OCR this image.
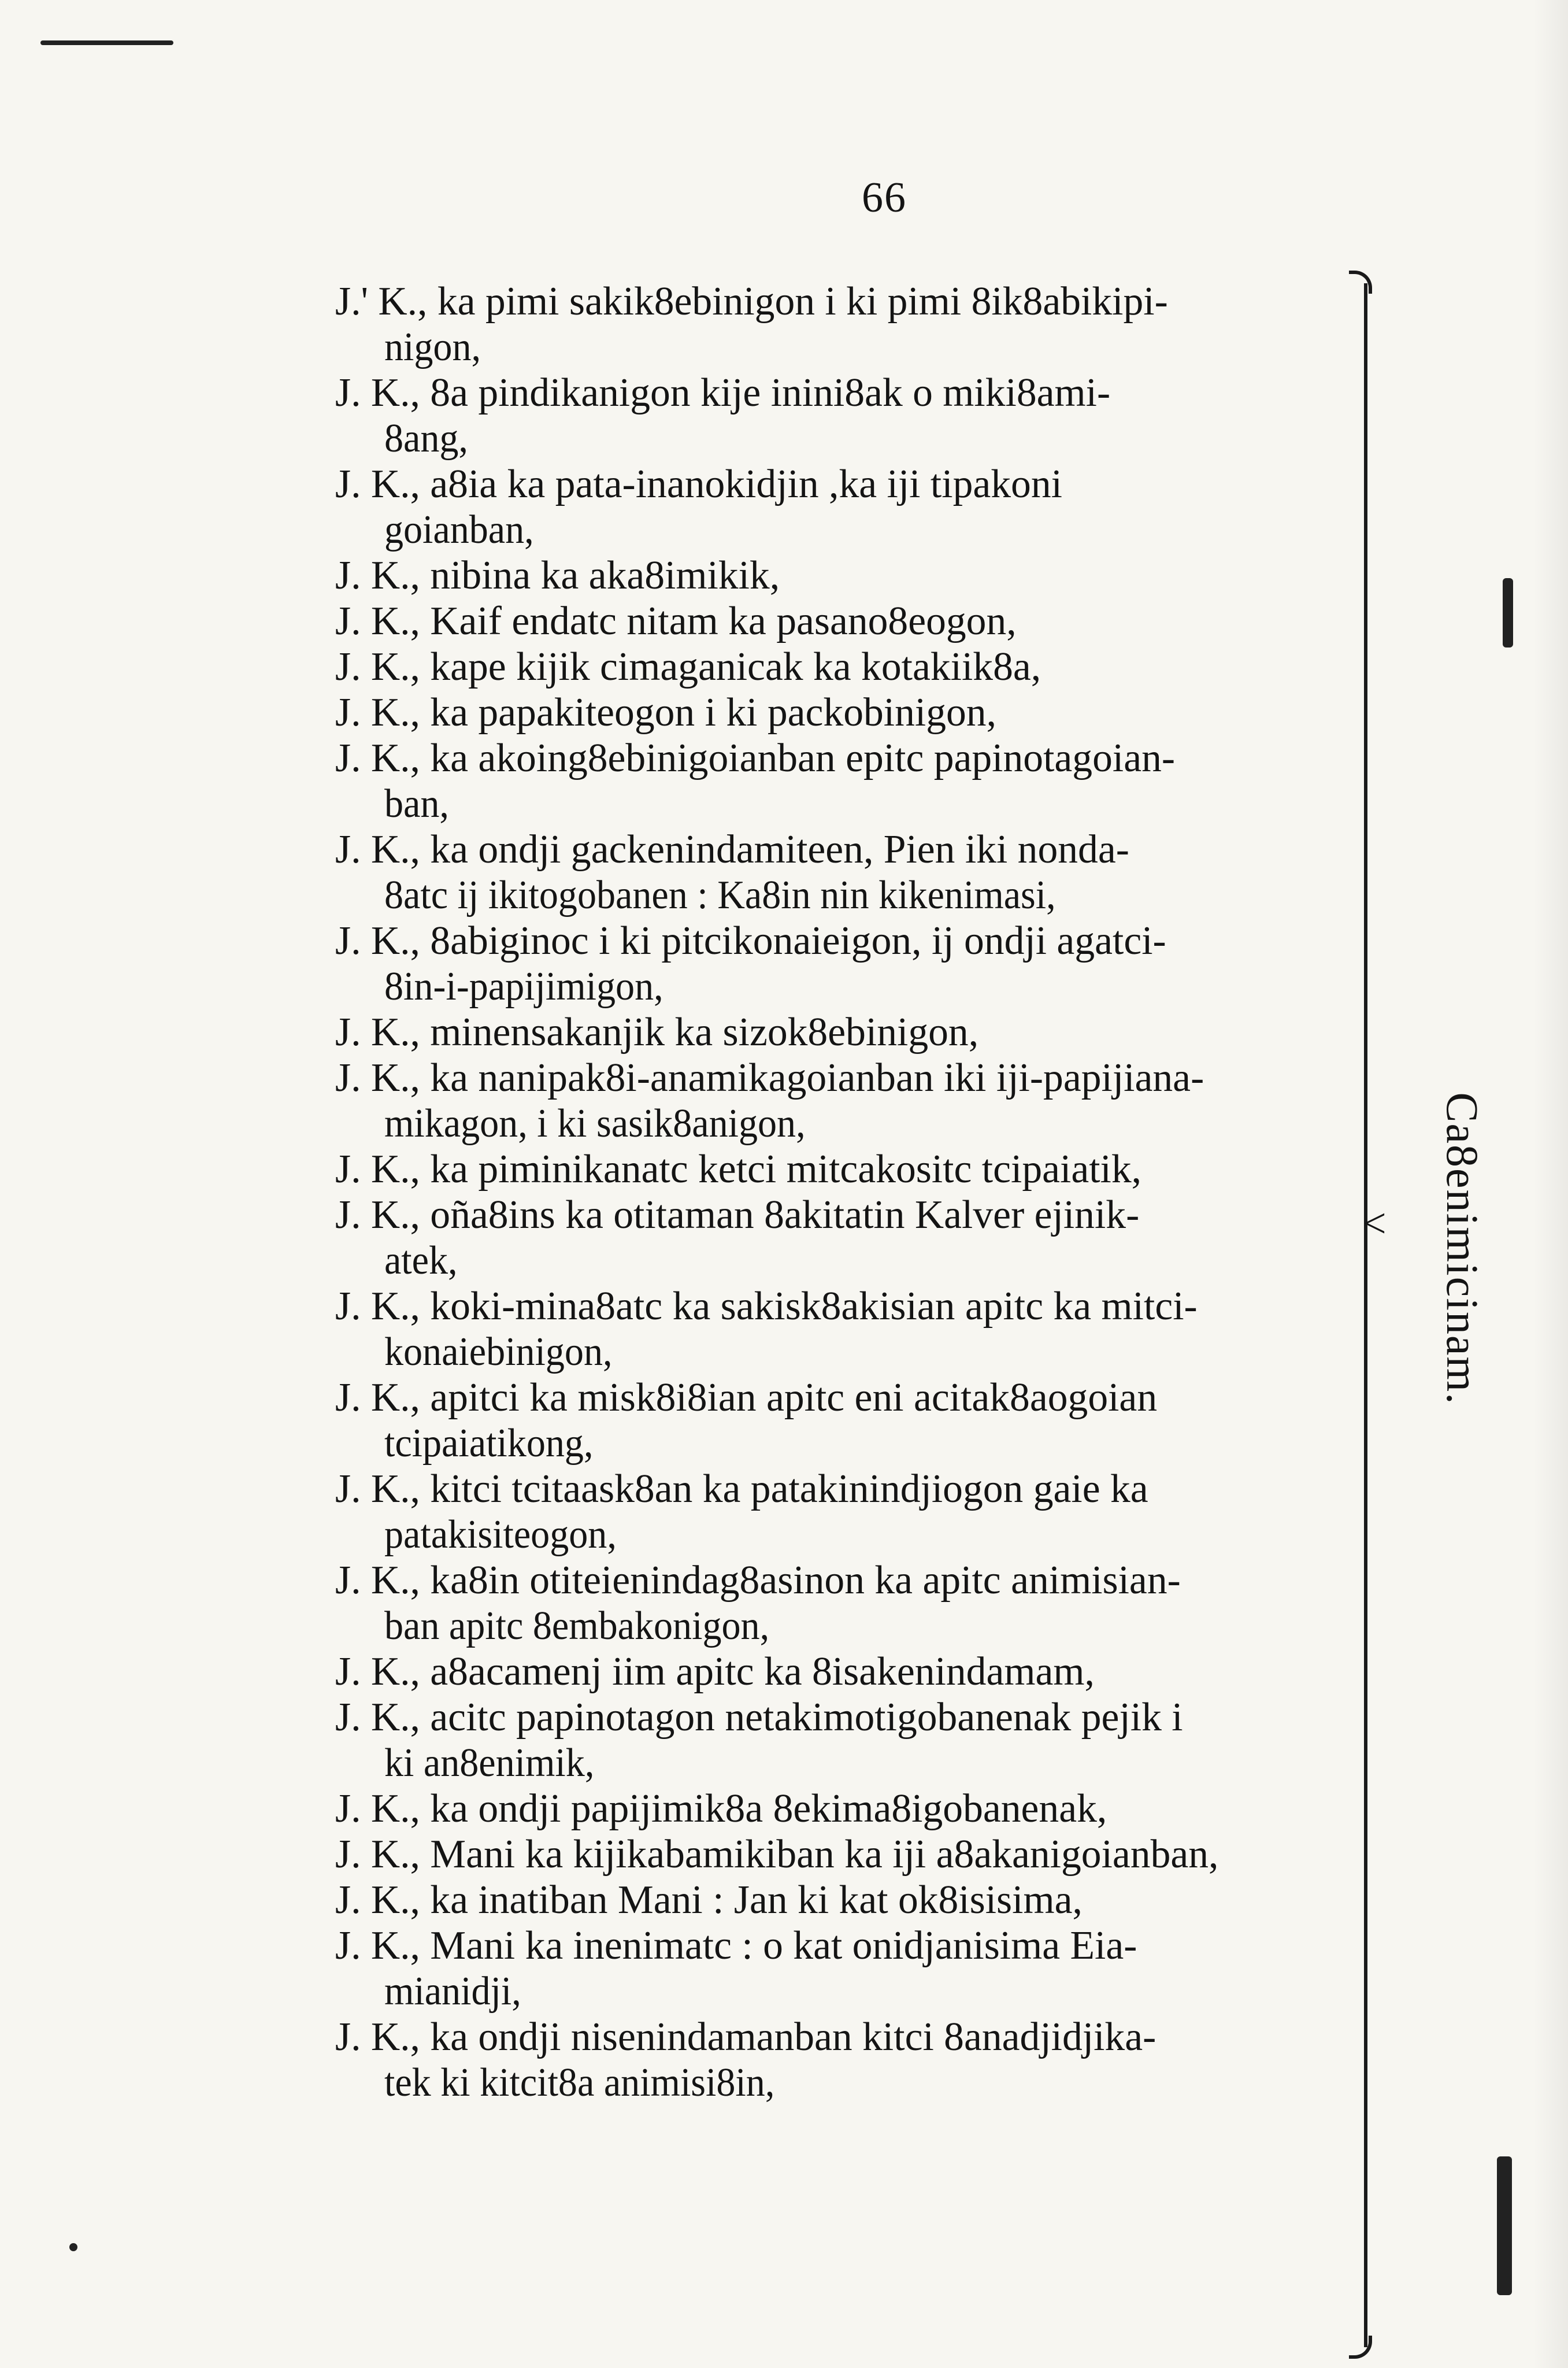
66
J.' K., ka pimi sakik8ebinigon i ki pimi 8ik8abikipi-
nigon,
J. K., 8a pindikanigon kije inini8ak o miki8ami-
8ang,
J. K., a8ia ka pata-inanokidjin ,ka iji tipakoni
goianban,
J. K., nibina ka aka8imikik,
J. K., Kaif endatc nitam ka pasano8eogon,
J. K., kape kijik cimaganicak ka kotakiik8a,
J. K., ka papakiteogon i ki packobinigon,
J. K., ka akoing8ebinigoianban epitc papinotagoian-
ban,
J. K., ka ondji gackenindamiteen, Pien iki nonda-
8atc ij ikitogobanen : Ka8in nin kikenimasi,
J. K., 8abiginoc i ki pitcikonaieigon, ij ondji agatci-
8in-i-papijimigon,
J. K., minensakanjik ka sizok8ebinigon,
J. K., ka nanipak8i-anamikagoianban iki iji-papijiana-
mikagon, i ki sasik8anigon,
J. K., ka piminikanatc ketci mitcakositc tcipaiatik,
J. K., oña8ins ka otitaman 8akitatin Kalver ejinik-
atek,
J. K., koki-mina8atc ka sakisk8akisian apitc ka mitci-
konaiebinigon,
J. K., apitci ka misk8i8ian apitc eni acitak8aogoian
tcipaiatikong,
J. K., kitci tcitaask8an ka patakinindjiogon gaie ka
patakisiteogon,
J. K., ka8in otiteienindag8asinon ka apitc animisian-
ban apitc 8embakonigon,
J. K., a8acamenj iim apitc ka 8isakenindamam,
J. K., acitc papinotagon netakimotigobanenak pejik i
ki an8enimik,
J. K., ka ondji papijimik8a 8ekima8igobanenak,
J. K., Mani ka kijikabamikiban ka iji a8akanigoianban,
J. K., ka inatiban Mani : Jan ki kat ok8isisima,
J. K., Mani ka inenimatc : o kat onidjanisima Eia-
mianidji,
J. K., ka ondji nisenindamanban kitci 8anadjidjika-
tek ki kitcit8a animisi8in,
< Ca8enimicinam.
